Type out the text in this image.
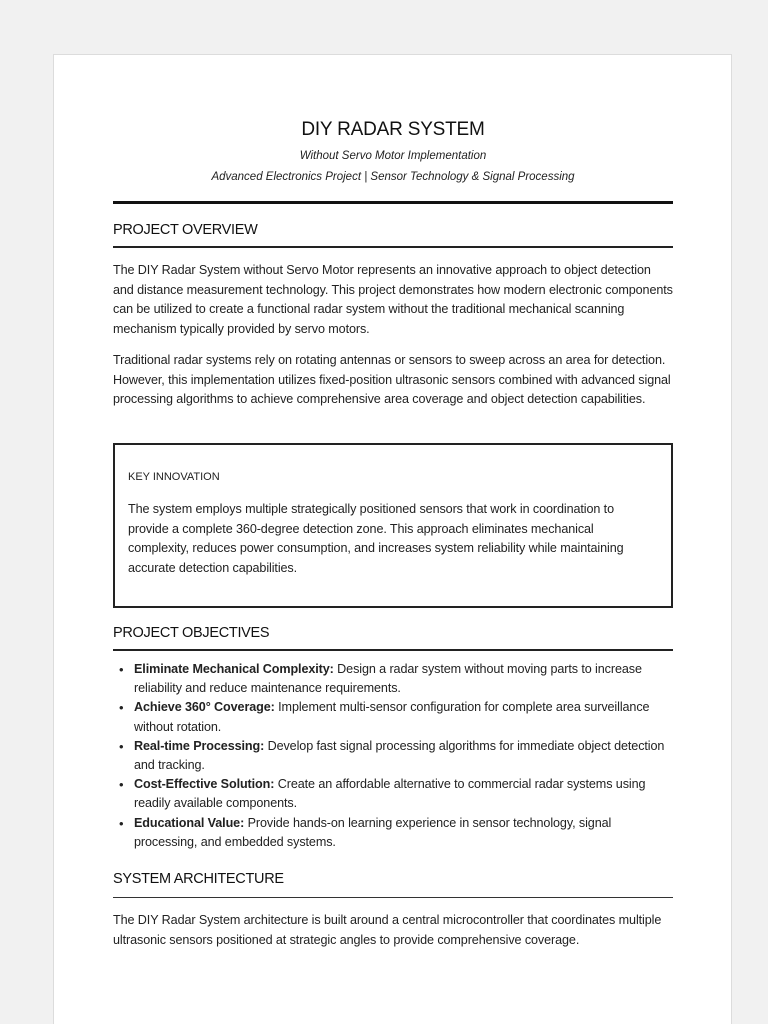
DIY RADAR SYSTEM
Without Servo Motor Implementation
Advanced Electronics Project | Sensor Technology & Signal Processing
PROJECT OVERVIEW
The DIY Radar System without Servo Motor represents an innovative approach to object detection and distance measurement technology. This project demonstrates how modern electronic components can be utilized to create a functional radar system without the traditional mechanical scanning mechanism typically provided by servo motors.
Traditional radar systems rely on rotating antennas or sensors to sweep across an area for detection. However, this implementation utilizes fixed-position ultrasonic sensors combined with advanced signal processing algorithms to achieve comprehensive area coverage and object detection capabilities.
KEY INNOVATION
The system employs multiple strategically positioned sensors that work in coordination to provide a complete 360-degree detection zone. This approach eliminates mechanical complexity, reduces power consumption, and increases system reliability while maintaining accurate detection capabilities.
PROJECT OBJECTIVES
• Eliminate Mechanical Complexity: Design a radar system without moving parts to increase reliability and reduce maintenance requirements.
• Achieve 360° Coverage: Implement multi-sensor configuration for complete area surveillance without rotation.
• Real-time Processing: Develop fast signal processing algorithms for immediate object detection and tracking.
• Cost-Effective Solution: Create an affordable alternative to commercial radar systems using readily available components.
• Educational Value: Provide hands-on learning experience in sensor technology, signal processing, and embedded systems.
SYSTEM ARCHITECTURE
The DIY Radar System architecture is built around a central microcontroller that coordinates multiple ultrasonic sensors positioned at strategic angles to provide comprehensive coverage.
